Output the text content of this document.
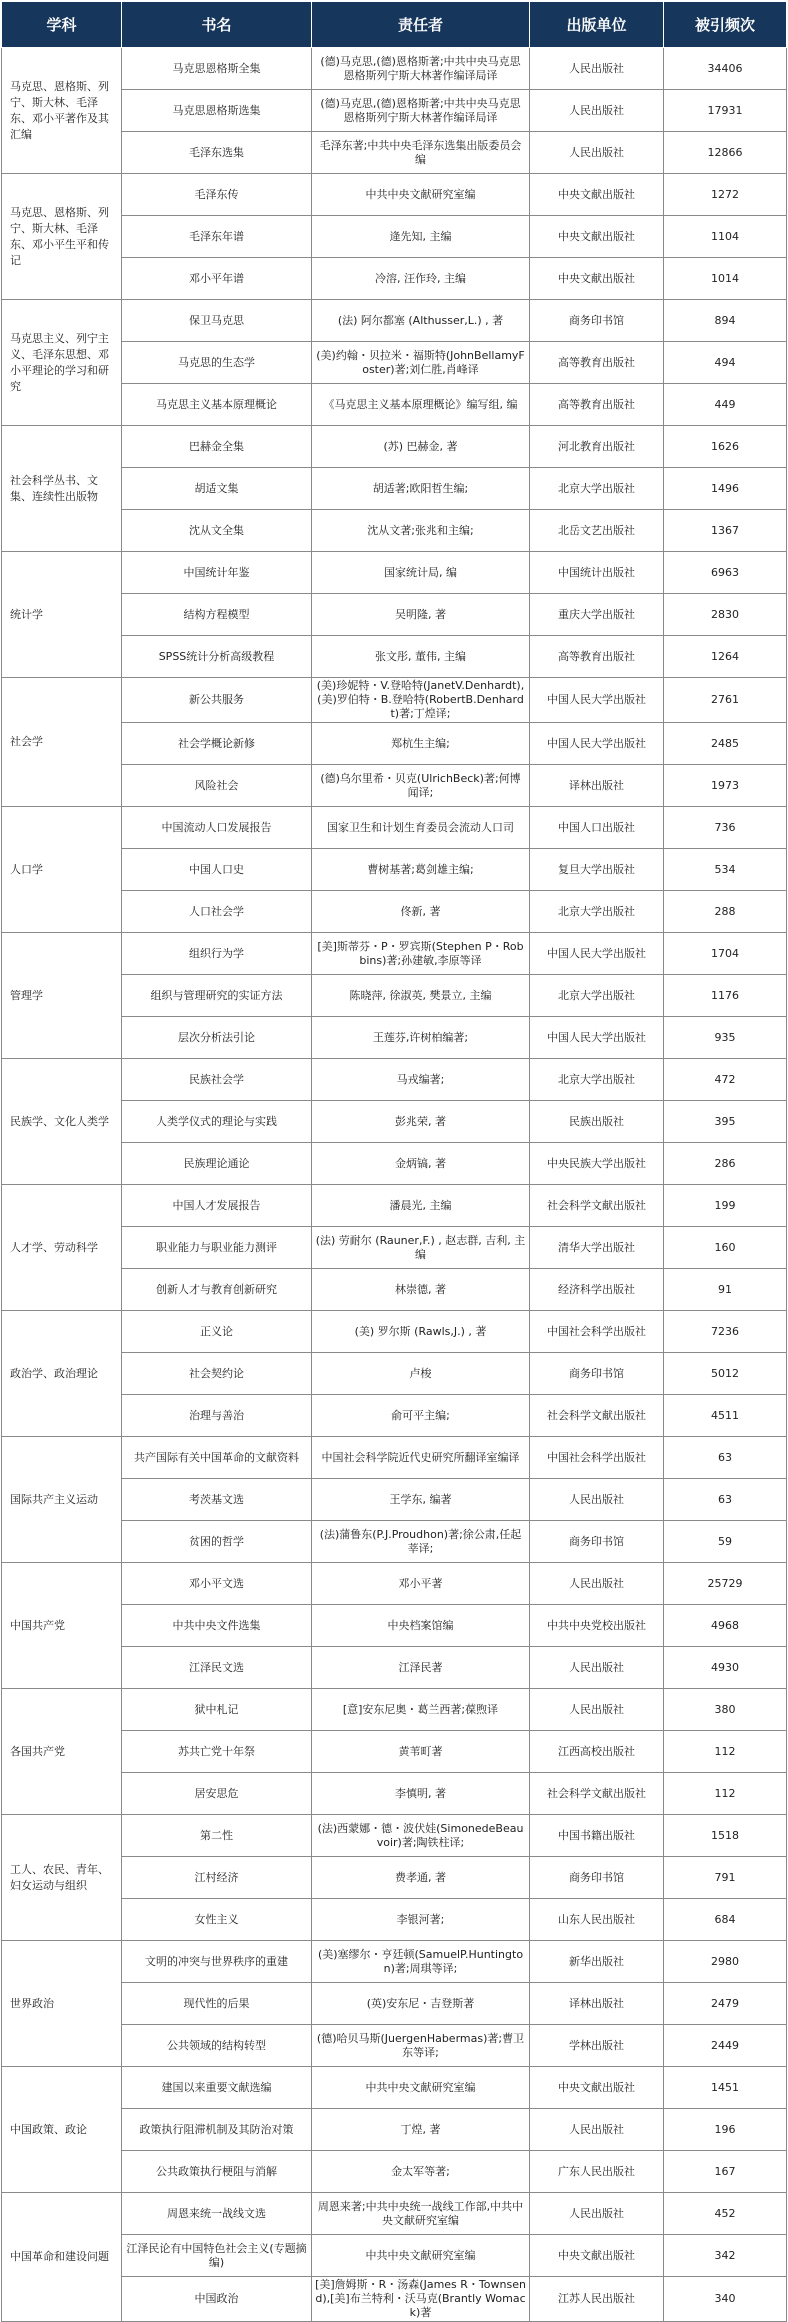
学科	书名	责任者	出版单位	被引频次
马克思、恩格斯、列宁、斯大林、毛泽东、邓小平著作及其汇编	马克思恩格斯全集	(德)马克思,(德)恩格斯著;中共中央马克思恩格斯列宁斯大林著作编译局译	人民出版社	34406
	马克思恩格斯选集	(德)马克思,(德)恩格斯著;中共中央马克思恩格斯列宁斯大林著作编译局译	人民出版社	17931
	毛泽东选集	毛泽东著;中共中央毛泽东选集出版委员会编	人民出版社	12866
马克思、恩格斯、列宁、斯大林、毛泽东、邓小平生平和传记	毛泽东传	中共中央文献研究室编	中央文献出版社	1272
	毛泽东年谱	逄先知, 主编	中央文献出版社	1104
	邓小平年谱	冷溶, 汪作玲, 主编	中央文献出版社	1014
马克思主义、列宁主义、毛泽东思想、邓小平理论的学习和研究	保卫马克思	(法) 阿尔都塞 (Althusser,L.) , 著	商务印书馆	894
	马克思的生态学	(美)约翰・贝拉米・福斯特(JohnBellamyFoster)著;刘仁胜,肖峰译	高等教育出版社	494
	马克思主义基本原理概论	《马克思主义基本原理概论》编写组, 编	高等教育出版社	449
社会科学丛书、文集、连续性出版物	巴赫金全集	(苏) 巴赫金, 著	河北教育出版社	1626
	胡适文集	胡适著;欧阳哲生编;	北京大学出版社	1496
	沈从文全集	沈从文著;张兆和主编;	北岳文艺出版社	1367
统计学	中国统计年鉴	国家统计局, 编	中国统计出版社	6963
	结构方程模型	吴明隆, 著	重庆大学出版社	2830
	SPSS统计分析高级教程	张文彤, 董伟, 主编	高等教育出版社	1264
社会学	新公共服务	(美)珍妮特・V.登哈特(JanetV.Denhardt),(美)罗伯特・B.登哈特(RobertB.Denhardt)著;丁煌译;	中国人民大学出版社	2761
	社会学概论新修	郑杭生主编;	中国人民大学出版社	2485
	风险社会	(德)乌尔里希・贝克(UlrichBeck)著;何博闻译;	译林出版社	1973
人口学	中国流动人口发展报告	国家卫生和计划生育委员会流动人口司	中国人口出版社	736
	中国人口史	曹树基著;葛剑雄主编;	复旦大学出版社	534
	人口社会学	佟新, 著	北京大学出版社	288
管理学	组织行为学	[美]斯蒂芬・P・罗宾斯(Stephen P・Robbins)著;孙建敏,李原等译	中国人民大学出版社	1704
	组织与管理研究的实证方法	陈晓萍, 徐淑英, 樊景立, 主编	北京大学出版社	1176
	层次分析法引论	王莲芬,许树柏编著;	中国人民大学出版社	935
民族学、文化人类学	民族社会学	马戎编著;	北京大学出版社	472
	人类学仪式的理论与实践	彭兆荣, 著	民族出版社	395
	民族理论通论	金炳镐, 著	中央民族大学出版社	286
人才学、劳动科学	中国人才发展报告	潘晨光, 主编	社会科学文献出版社	199
	职业能力与职业能力测评	(法) 劳耐尔 (Rauner,F.) , 赵志群, 吉利, 主编	清华大学出版社	160
	创新人才与教育创新研究	林崇德, 著	经济科学出版社	91
政治学、政治理论	正义论	(美) 罗尔斯 (Rawls,J.) , 著	中国社会科学出版社	7236
	社会契约论	卢梭	商务印书馆	5012
	治理与善治	俞可平主编;	社会科学文献出版社	4511
国际共产主义运动	共产国际有关中国革命的文献资料	中国社会科学院近代史研究所翻译室编译	中国社会科学出版社	63
	考茨基文选	王学东, 编著	人民出版社	63
	贫困的哲学	(法)蒲鲁东(P.J.Proudhon)著;徐公肃,任起莘译;	商务印书馆	59
中国共产党	邓小平文选	邓小平著	人民出版社	25729
	中共中央文件选集	中央档案馆编	中共中央党校出版社	4968
	江泽民文选	江泽民著	人民出版社	4930
各国共产党	狱中札记	[意]安东尼奥・葛兰西著;葆煦译	人民出版社	380
	苏共亡党十年祭	黄苇町著	江西高校出版社	112
	居安思危	李慎明, 著	社会科学文献出版社	112
工人、农民、青年、妇女运动与组织	第二性	(法)西蒙娜・德・波伏娃(SimonedeBeauvoir)著;陶铁柱译;	中国书籍出版社	1518
	江村经济	费孝通, 著	商务印书馆	791
	女性主义	李银河著;	山东人民出版社	684
世界政治	文明的冲突与世界秩序的重建	(美)塞缪尔・亨廷顿(SamuelP.Huntington)著;周琪等译;	新华出版社	2980
	现代性的后果	(英)安东尼・吉登斯著	译林出版社	2479
	公共领域的结构转型	(德)哈贝马斯(JuergenHabermas)著;曹卫东等译;	学林出版社	2449
中国政策、政论	建国以来重要文献选编	中共中央文献研究室编	中央文献出版社	1451
	政策执行阻滞机制及其防治对策	丁煌, 著	人民出版社	196
	公共政策执行梗阻与消解	金太军等著;	广东人民出版社	167
中国革命和建设问题	周恩来统一战线文选	周恩来著;中共中央统一战线工作部,中共中央文献研究室编	人民出版社	452
	江泽民论有中国特色社会主义(专题摘编)	中共中央文献研究室编	中央文献出版社	342
	中国政治	[美]詹姆斯・R・汤森(James R・Townsend),[美]布兰特利・沃马克(Brantly Womack)著	江苏人民出版社	340
